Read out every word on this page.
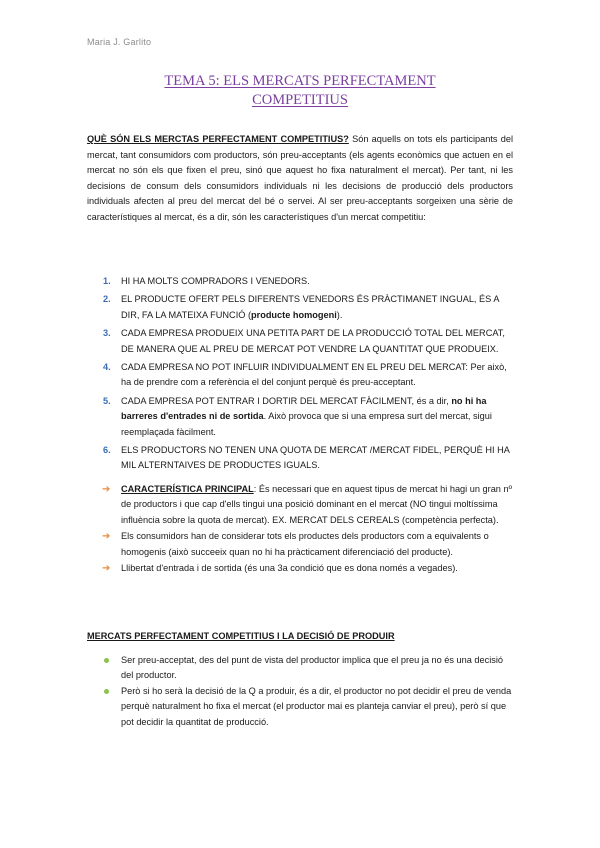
Maria J. Garlito
TEMA 5: ELS MERCATS PERFECTAMENT
COMPETITIUS
QUÈ SÓN ELS MERCTAS PERFECTAMENT COMPETITIUS? Són aquells on tots els participants del mercat, tant consumidors com productors, són preu-acceptants (els agents econòmics que actuen en el mercat no són els que fixen el preu, sinó que aquest ho fixa naturalment el mercat). Per tant, ni les decisions de consum dels consumidors individuals ni les decisions de producció dels productors individuals afecten al preu del mercat del bé o servei. Al ser preu-acceptants sorgeixen una sèrie de característiques al mercat, és a dir, són les característiques d'un mercat competitiu:
1. HI HA MOLTS COMPRADORS I VENEDORS.
2. EL PRODUCTE OFERT PELS DIFERENTS VENEDORS ÉS PRÀCTIMANET INGUAL, ÉS A DIR, FA LA MATEIXA FUNCIÓ (producte homogeni).
3. CADA EMPRESA PRODUEIX UNA PETITA PART DE LA PRODUCCIÓ TOTAL DEL MERCAT, DE MANERA QUE AL PREU DE MERCAT POT VENDRE LA QUANTITAT QUE PRODUEIX.
4. CADA EMPRESA NO POT INFLUIR INDIVIDUALMENT EN EL PREU DEL MERCAT: Per això, ha de prendre com a referència el del conjunt perquè és preu-acceptant.
5. CADA EMPRESA POT ENTRAR I DORTIR DEL MERCAT FÀCILMENT, és a dir, no hi ha barreres d'entrades ni de sortida. Això provoca que si una empresa surt del mercat, sigui reemplaçada fàcilment.
6. ELS PRODUCTORS NO TENEN UNA QUOTA DE MERCAT /MERCAT FIDEL, PERQUÈ HI HA MIL ALTERNTAIVES DE PRODUCTES IGUALS.
➔ CARACTERÍSTICA PRINCIPAL: És necessari que en aquest tipus de mercat hi hagi un gran nº de productors i que cap d'ells tingui una posició dominant en el mercat (NO tingui moltíssima influència sobre la quota de mercat). EX. MERCAT DELS CEREALS (competència perfecta).
➔ Els consumidors han de considerar tots els productes dels productors com a equivalents o homogenis (això succeeix quan no hi ha pràcticament diferenciació del producte).
➔ Llibertat d'entrada i de sortida (és una 3a condició que es dona només a vegades).
MERCATS PERFECTAMENT COMPETITIUS I LA DECISIÓ DE PRODUIR
Ser preu-acceptat, des del punt de vista del productor implica que el preu ja no és una decisió del productor.
Però si ho serà la decisió de la Q a produir, és a dir, el productor no pot decidir el preu de venda perquè naturalment ho fixa el mercat (el productor mai es planteja canviar el preu), però sí que pot decidir la quantitat de producció.
